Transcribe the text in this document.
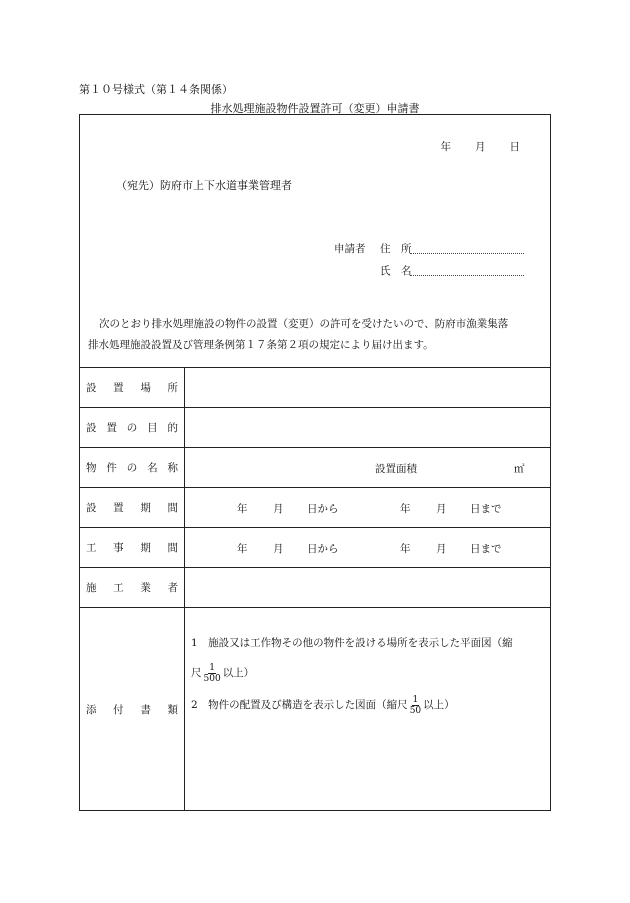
第１０号様式（第１４条関係）
排水処理施設物件設置許可（変更）申請書
年 月 日
（宛先）防府市上下水道事業管理者
申請者	住　所
氏　名
次のとおり排水処理施設の物件の設置（変更）の許可を受けたいので、防府市漁業集落
排水処理施設設置及び管理条例第１７条第２項の規定により届け出ます。
設 置 場 所
設 置 の 目 的
物 件 の 名 称	設置面積	㎡
設 置 期 間	年 月 日から	年 月 日まで
工 事 期 間	年 月 日から	年 月 日まで
施 工 業 者
添 付 書 類
1　施設又は工作物その他の物件を設ける場所を表示した平面図（縮
尺 $\frac{1}{500}$ 以上）
2　物件の配置及び構造を表示した図面（縮尺 $\frac{1}{50}$ 以上）
